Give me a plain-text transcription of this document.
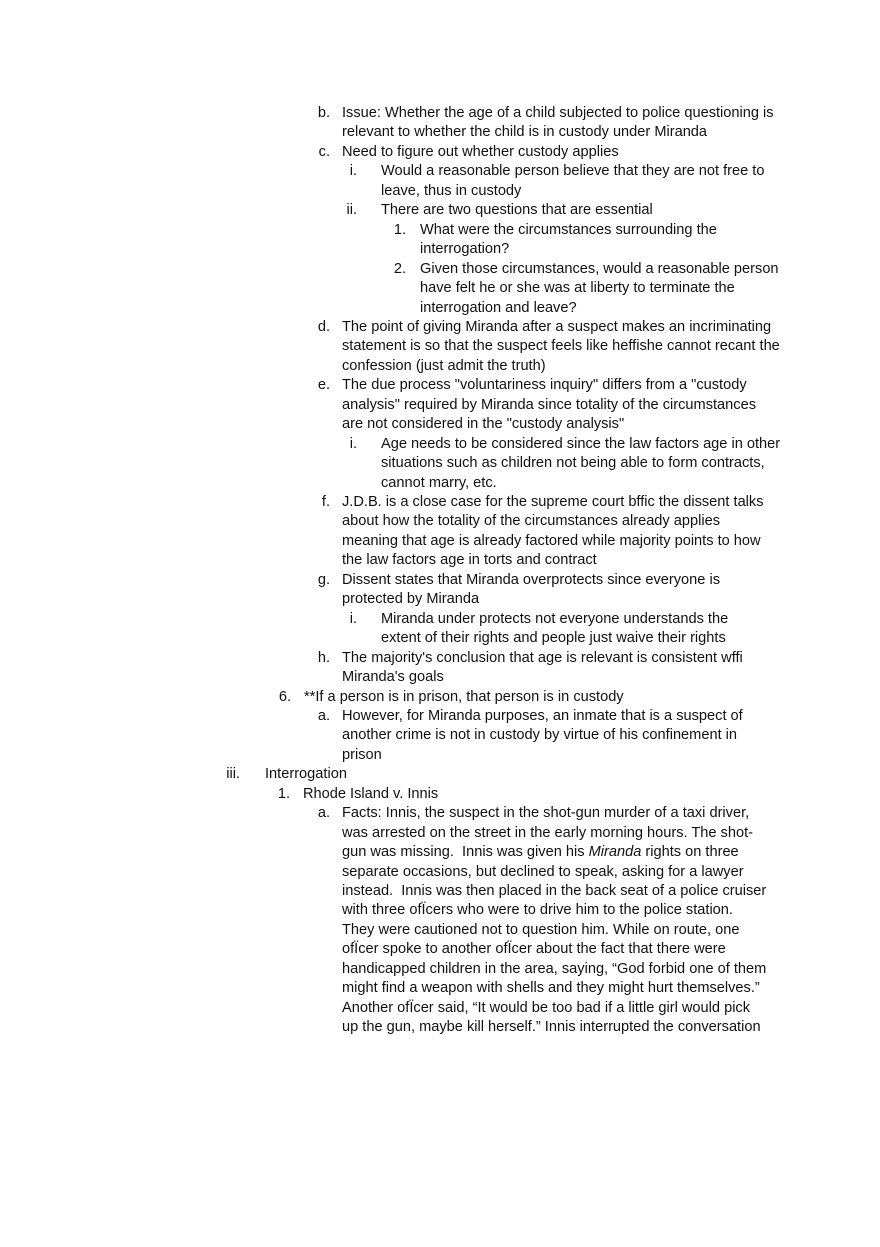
b. Issue: Whether the age of a child subjected to police questioning is
relevant to whether the child is in custody under Miranda
c. Need to figure out whether custody applies
i. Would a reasonable person believe that they are not free to
leave, thus in custody
ii. There are two questions that are essential
1. What were the circumstances surrounding the
interrogation?
2. Given those circumstances, would a reasonable person
have felt he or she was at liberty to terminate the
interrogation and leave?
d. The point of giving Miranda after a suspect makes an incriminating
statement is so that the suspect feels like heffishe cannot recant the
confession (just admit the truth)
e. The due process "voluntariness inquiry" differs from a "custody
analysis" required by Miranda since totality of the circumstances
are not considered in the "custody analysis"
i. Age needs to be considered since the law factors age in other
situations such as children not being able to form contracts,
cannot marry, etc.
f. J.D.B. is a close case for the supreme court bffic the dissent talks
about how the totality of the circumstances already applies
meaning that age is already factored while majority points to how
the law factors age in torts and contract
g. Dissent states that Miranda overprotects since everyone is
protected by Miranda
i. Miranda under protects not everyone understands the
extent of their rights and people just waive their rights
h. The majority's conclusion that age is relevant is consistent wffi
Miranda's goals
6. **If a person is in prison, that person is in custody
a. However, for Miranda purposes, an inmate that is a suspect of
another crime is not in custody by virtue of his confinement in
prison
iii. Interrogation
1. Rhode Island v. Innis
a. Facts: Innis, the suspect in the shot-gun murder of a taxi driver,
was arrested on the street in the early morning hours. The shot-
gun was missing.  Innis was given his Miranda rights on three
separate occasions, but declined to speak, asking for a lawyer
instead.  Innis was then placed in the back seat of a police cruiser
with three ofÏcers who were to drive him to the police station.
They were cautioned not to question him. While on route, one
ofÏcer spoke to another ofÏcer about the fact that there were
handicapped children in the area, saying, “God forbid one of them
might find a weapon with shells and they might hurt themselves.”
Another ofÏcer said, “It would be too bad if a little girl would pick
up the gun, maybe kill herself.” Innis interrupted the conversation
